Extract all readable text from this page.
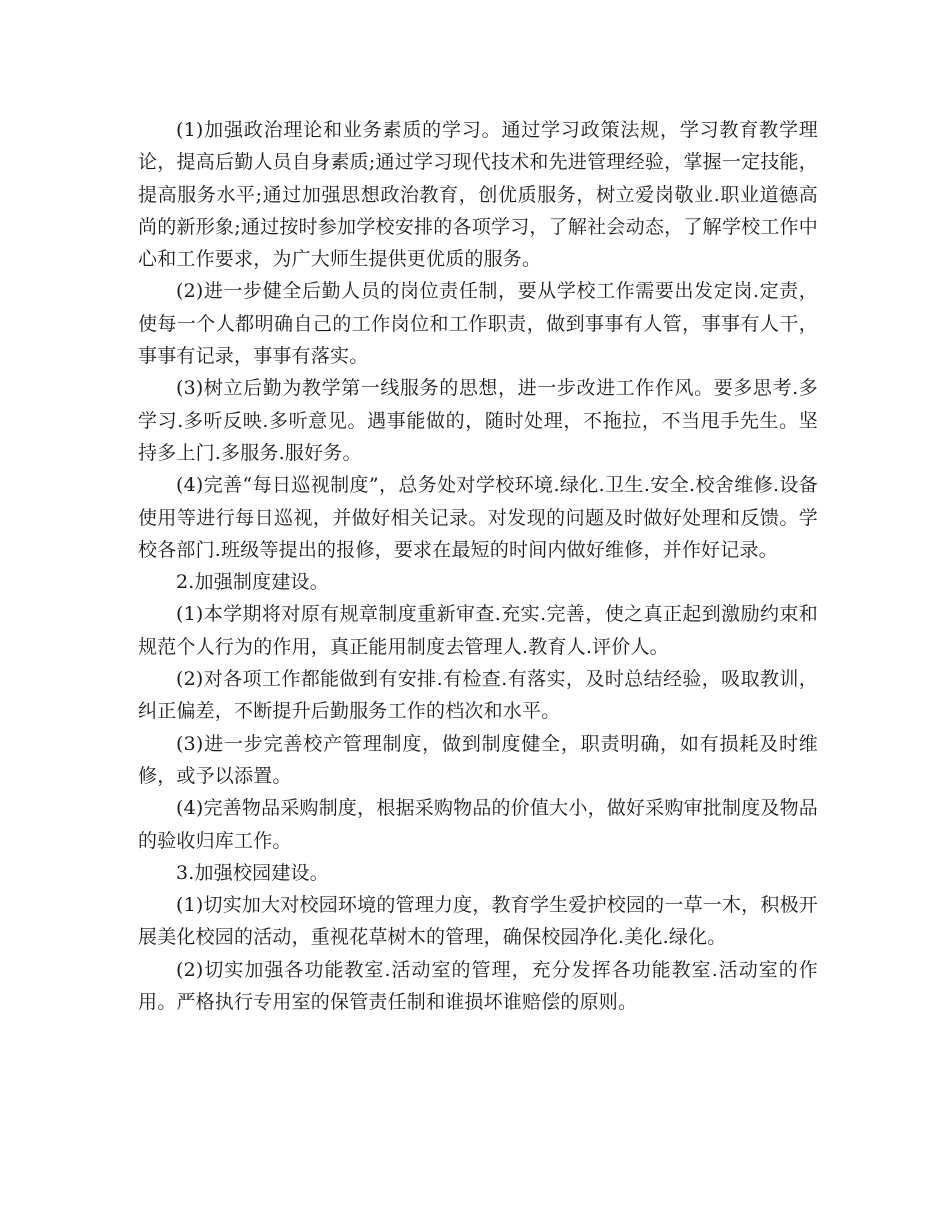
(1)加强政治理论和业务素质的学习。通过学习政策法规，学习教育教学理论，提高后勤人员自身素质;通过学习现代技术和先进管理经验，掌握一定技能，提高服务水平;通过加强思想政治教育，创优质服务，树立爱岗敬业.职业道德高尚的新形象;通过按时参加学校安排的各项学习，了解社会动态，了解学校工作中心和工作要求，为广大师生提供更优质的服务。

(2)进一步健全后勤人员的岗位责任制，要从学校工作需要出发定岗.定责，使每一个人都明确自己的工作岗位和工作职责，做到事事有人管，事事有人干，事事有记录，事事有落实。

(3)树立后勤为教学第一线服务的思想，进一步改进工作作风。要多思考.多学习.多听反映.多听意见。遇事能做的，随时处理，不拖拉，不当甩手先生。坚持多上门.多服务.服好务。

(4)完善“每日巡视制度”，总务处对学校环境.绿化.卫生.安全.校舍维修.设备使用等进行每日巡视，并做好相关记录。对发现的问题及时做好处理和反馈。学校各部门.班级等提出的报修，要求在最短的时间内做好维修，并作好记录。

2.加强制度建设。

(1)本学期将对原有规章制度重新审查.充实.完善，使之真正起到激励约束和规范个人行为的作用，真正能用制度去管理人.教育人.评价人。

(2)对各项工作都能做到有安排.有检查.有落实，及时总结经验，吸取教训，纠正偏差，不断提升后勤服务工作的档次和水平。

(3)进一步完善校产管理制度，做到制度健全，职责明确，如有损耗及时维修，或予以添置。

(4)完善物品采购制度，根据采购物品的价值大小，做好采购审批制度及物品的验收归库工作。

3.加强校园建设。

(1)切实加大对校园环境的管理力度，教育学生爱护校园的一草一木，积极开展美化校园的活动，重视花草树木的管理，确保校园净化.美化.绿化。

(2)切实加强各功能教室.活动室的管理，充分发挥各功能教室.活动室的作用。严格执行专用室的保管责任制和谁损坏谁赔偿的原则。
